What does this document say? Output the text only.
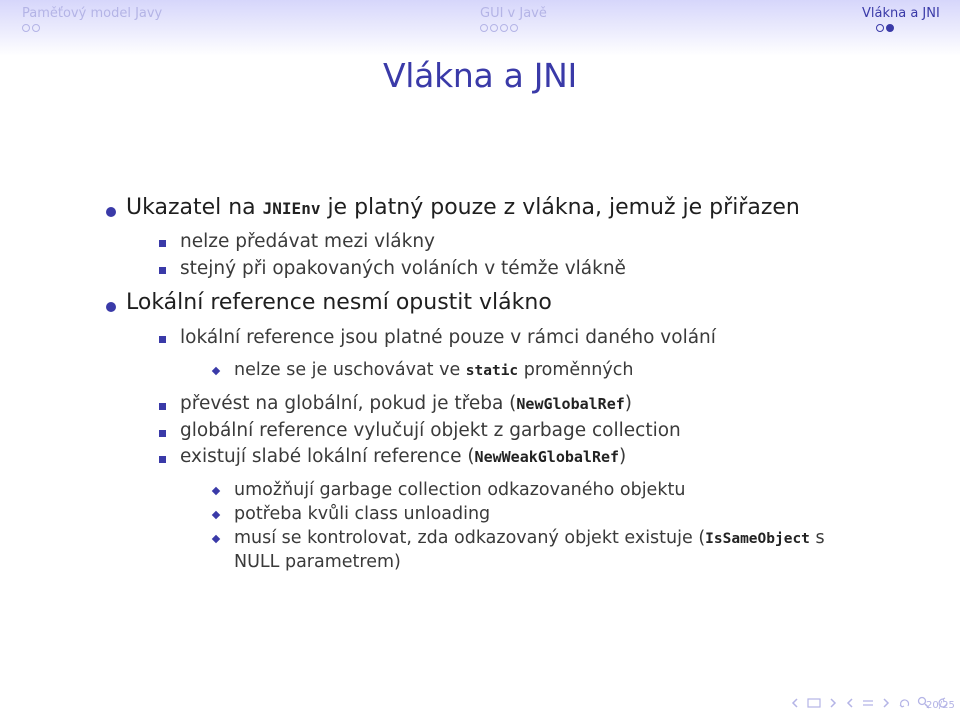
Paměťový model Javy	GUI v Javě	Vlákna a JNI
Vlákna a JNI
Ukazatel na JNIEnv je platný pouze z vlákna, jemuž je přiřazen
nelze předávat mezi vlákny
stejný při opakovaných voláních v témže vlákně
Lokální reference nesmí opustit vlákno
lokální reference jsou platné pouze v rámci daného volání
nelze se je uschovávat ve static proměnných
převést na globální, pokud je třeba (NewGlobalRef)
globální reference vylučují objekt z garbage collection
existují slabé lokální reference (NewWeakGlobalRef)
umožňují garbage collection odkazovaného objektu
potřeba kvůli class unloading
musí se kontrolovat, zda odkazovaný objekt existuje (IsSameObject s
NULL parametrem)
20/25
